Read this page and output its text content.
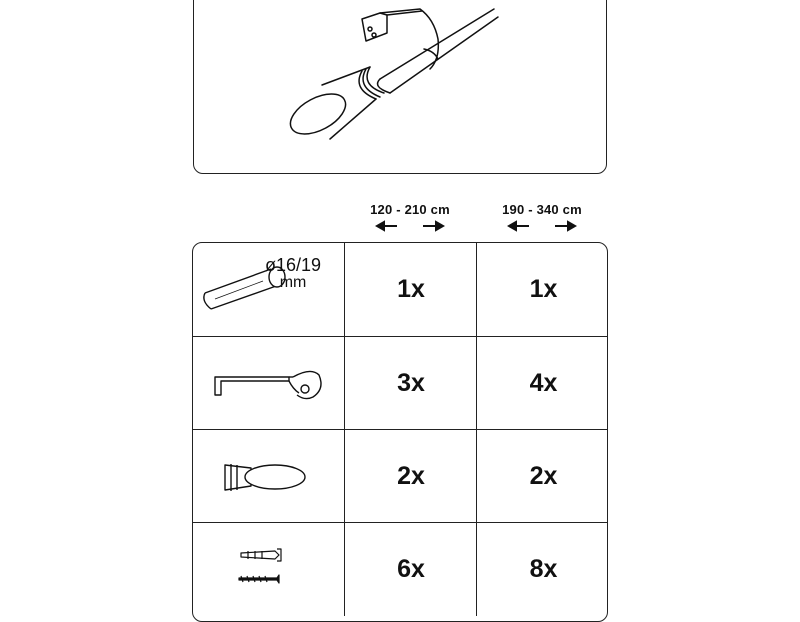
120 - 210 cm	190 - 340 cm
ø16/19
mm	1x	1x
3x	4x
2x	2x
6x	8x
